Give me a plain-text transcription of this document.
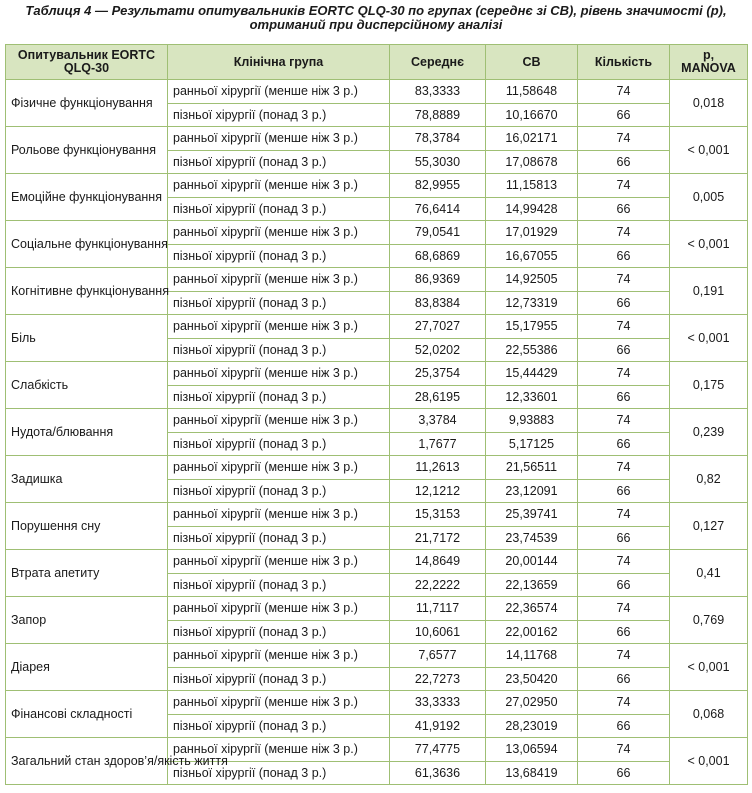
Таблиця 4 — Результати опитувальників EORTC QLQ-30 по групах (середнє зі СВ), рівень значимості (р), отриманий при дисперсійному аналізі
Опитувальник EORTC QLQ-30	Клінічна група	Середнє	СВ	Кількість	р, MANOVA
Фізичне функціонування	ранньої хірургії (менше ніж 3 р.)	83,3333	11,58648	74	0,018
	пізньої хірургії (понад 3 р.)	78,8889	10,16670	66	
Рольове функціонування	ранньої хірургії (менше ніж 3 р.)	78,3784	16,02171	74	< 0,001
	пізньої хірургії (понад 3 р.)	55,3030	17,08678	66	
Емоційне функціонування	ранньої хірургії (менше ніж 3 р.)	82,9955	11,15813	74	0,005
	пізньої хірургії (понад 3 р.)	76,6414	14,99428	66	
Соціальне функціонування	ранньої хірургії (менше ніж 3 р.)	79,0541	17,01929	74	< 0,001
	пізньої хірургії (понад 3 р.)	68,6869	16,67055	66	
Когнітивне функціонування	ранньої хірургії (менше ніж 3 р.)	86,9369	14,92505	74	0,191
	пізньої хірургії (понад 3 р.)	83,8384	12,73319	66	
Біль	ранньої хірургії (менше ніж 3 р.)	27,7027	15,17955	74	< 0,001
	пізньої хірургії (понад 3 р.)	52,0202	22,55386	66	
Слабкість	ранньої хірургії (менше ніж 3 р.)	25,3754	15,44429	74	0,175
	пізньої хірургії (понад 3 р.)	28,6195	12,33601	66	
Нудота/блювання	ранньої хірургії (менше ніж 3 р.)	3,3784	9,93883	74	0,239
	пізньої хірургії (понад 3 р.)	1,7677	5,17125	66	
Задишка	ранньої хірургії (менше ніж 3 р.)	11,2613	21,56511	74	0,82
	пізньої хірургії (понад 3 р.)	12,1212	23,12091	66	
Порушення сну	ранньої хірургії (менше ніж 3 р.)	15,3153	25,39741	74	0,127
	пізньої хірургії (понад 3 р.)	21,7172	23,74539	66	
Втрата апетиту	ранньої хірургії (менше ніж 3 р.)	14,8649	20,00144	74	0,41
	пізньої хірургії (понад 3 р.)	22,2222	22,13659	66	
Запор	ранньої хірургії (менше ніж 3 р.)	11,7117	22,36574	74	0,769
	пізньої хірургії (понад 3 р.)	10,6061	22,00162	66	
Діарея	ранньої хірургії (менше ніж 3 р.)	7,6577	14,11768	74	< 0,001
	пізньої хірургії (понад 3 р.)	22,7273	23,50420	66	
Фінансові складності	ранньої хірургії (менше ніж 3 р.)	33,3333	27,02950	74	0,068
	пізньої хірургії (понад 3 р.)	41,9192	28,23019	66	
Загальний стан здоров’я/якість життя	ранньої хірургії (менше ніж 3 р.)	77,4775	13,06594	74	< 0,001
	пізньої хірургії (понад 3 р.)	61,3636	13,68419	66	
